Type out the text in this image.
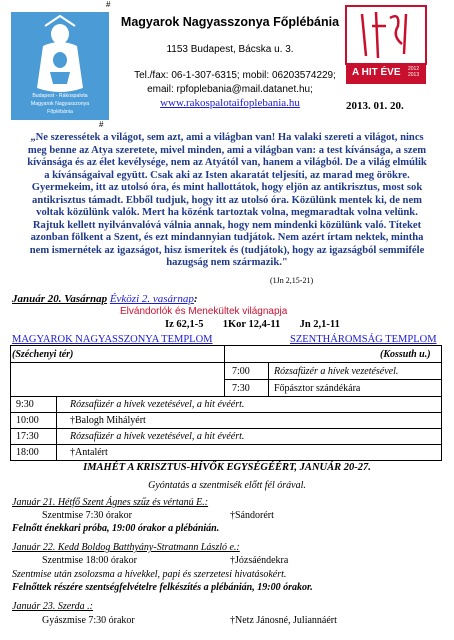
Budapest - Rákospalota
Magyarok Nagyasszonya
Főplébánia
#
#
Magyarok Nagyasszonya Főplébánia
1153 Budapest, Bácska u. 3.
Tel./fax: 06-1-307-6315; mobil: 06203574229;
email: rpfoplebania@mail.datanet.hu;
www.rakospalotaifoplebania.hu	2013. 01. 20.
A HIT ÉVE 2012
2013
„Ne szeressétek a világot, sem azt, ami a világban van! Ha valaki szereti a világot, nincs
meg benne az Atya szeretete, mivel minden, ami a világban van: a test kívánsága, a szem
kívánsága és az élet kevélysége, nem az Atyától van, hanem a világból. De a világ elmúlik
a kívánságaival együtt. Csak aki az Isten akaratát teljesíti, az marad meg örökre.
Gyermekeim, itt az utolsó óra, és mint hallottátok, hogy eljön az antikrisztus, most sok
antikrisztus támadt. Ebből tudjuk, hogy itt az utolsó óra. Közülünk mentek ki, de nem
voltak közülünk valók. Mert ha közénk tartoztak volna, megmaradtak volna velünk.
Rajtuk kellett nyilvánvalóvá válnia annak, hogy nem mindenki közülünk való. Títeket
azonban fölkent a Szent, és ezt mindannyian tudjátok. Nem azért írtam nektek, mintha
nem ismernétek az igazságot, hisz ismeritek és (tudjátok), hogy az igazságból semmiféle
hazugság nem származik."
(1Jn 2,15-21)
Január 20. Vasárnap Évközi 2. vasárnap:
Elvándorlók és Menekültek világnapja
Iz 62,1-5 1Kor 12,4-11 Jn 2,1-11
MAGYAROK NAGYASSZONYA TEMPLOM
(Széchenyi tér)
SZENTHÁROMSÁG TEMPLOM
(Kossuth u.)
7:00 Rózsafüzér a hívek vezetésével.
7:30 Főpásztor szándékára
9:30	Rózsafüzér a hívek vezetésével, a hit évéért.
10:00	†Balogh Mihályért
17:30	Rózsafüzér a hívek vezetésével, a hit évéért.
18:00	†Antalért
IMAHÉT A KRISZTUS-HÍVŐK EGYSÉGÉÉRT, JANUÁR 20-27.
Gyóntatás a szentmisék előtt fél órával.
Január 21. Hétfő Szent Ágnes szűz és vértanú E.:
Szentmise 7:30 órakor	†Sándorért
Felnőtt énekkari próba, 19:00 órakor a plébánián.
Január 22. Kedd Boldog Batthyány-Stratmann László e.:
Szentmise 18:00 órakor	†Józsáéndekra
Szentmise után zsolozsma a hívekkel, papi és szerzetesi hivatásokért.
Felnőttek részére szentségfelvételre felkészítés a plébánián, 19:00 órakor.
Január 23. Szerda .:
Gyászmise 7:30 órakor	†Netz Jánosné, Juliannáért
